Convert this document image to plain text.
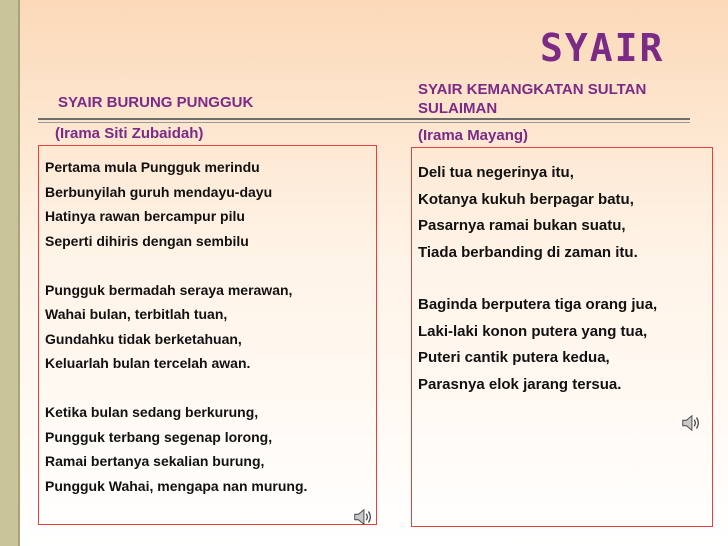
SYAIR
SYAIR BURUNG PUNGGUK
SYAIR KEMANGKATAN SULTAN
SULAIMAN
(Irama Siti Zubaidah)	(Irama Mayang)
Pertama mula Pungguk merindu
Berbunyilah guruh mendayu-dayu
Hatinya rawan bercampur pilu
Seperti dihiris dengan sembilu
Pungguk bermadah seraya merawan,
Wahai bulan, terbitlah tuan,
Gundahku tidak berketahuan,
Keluarlah bulan tercelah awan.
Ketika bulan sedang berkurung,
Pungguk terbang segenap lorong,
Ramai bertanya sekalian burung,
Pungguk Wahai, mengapa nan murung.
Deli tua negerinya itu,
Kotanya kukuh berpagar batu,
Pasarnya ramai bukan suatu,
Tiada berbanding di zaman itu.
Baginda berputera tiga orang jua,
Laki-laki konon putera yang tua,
Puteri cantik putera kedua,
Parasnya elok jarang tersua.
